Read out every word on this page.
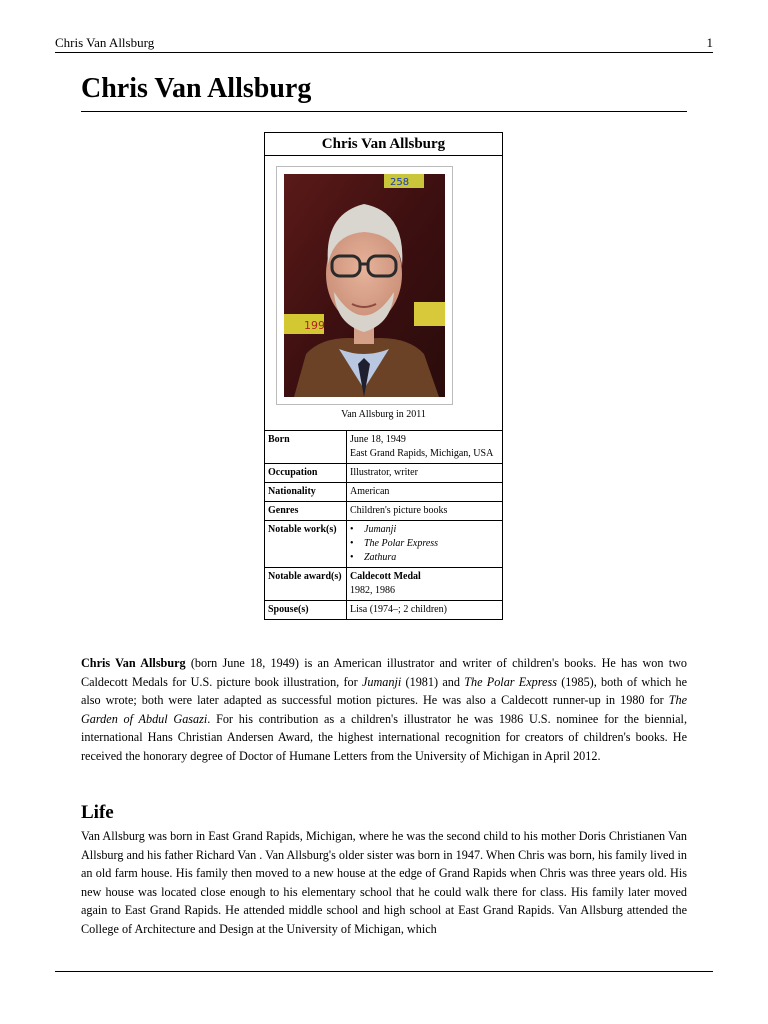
Chris Van Allsburg	1
Chris Van Allsburg
Chris Van Allsburg
258
199
Van Allsburg in 2011
Born	June 18, 1949
East Grand Rapids, Michigan, USA
Occupation	Illustrator, writer
Nationality	American
Genres	Children's picture books
Notable work(s)
•	Jumanji
• The Polar Express
• Zathura
Notable award(s) Caldecott Medal
1982, 1986
Spouse(s)	Lisa (1974–; 2 children)

Chris Van Allsburg (born June 18, 1949) is an American illustrator and writer of children's books. He has won two Caldecott Medals for U.S. picture book illustration, for Jumanji (1981) and The Polar Express (1985), both of which he also wrote; both were later adapted as successful motion pictures. He was also a Caldecott runner-up in 1980 for The Garden of Abdul Gasazi. For his contribution as a children's illustrator he was 1986 U.S. nominee for the biennial, international Hans Christian Andersen Award, the highest international recognition for creators of children's books. He received the honorary degree of Doctor of Humane Letters from the University of Michigan in April 2012.

Life

Van Allsburg was born in East Grand Rapids, Michigan, where he was the second child to his mother Doris Christianen Van Allsburg and his father Richard Van . Van Allsburg's older sister was born in 1947. When Chris was born, his family lived in an old farm house. His family then moved to a new house at the edge of Grand Rapids when Chris was three years old. His new house was located close enough to his elementary school that he could walk there for class. His family later moved again to East Grand Rapids. He attended middle school and high school at East Grand Rapids. Van Allsburg attended the College of Architecture and Design at the University of Michigan, which
